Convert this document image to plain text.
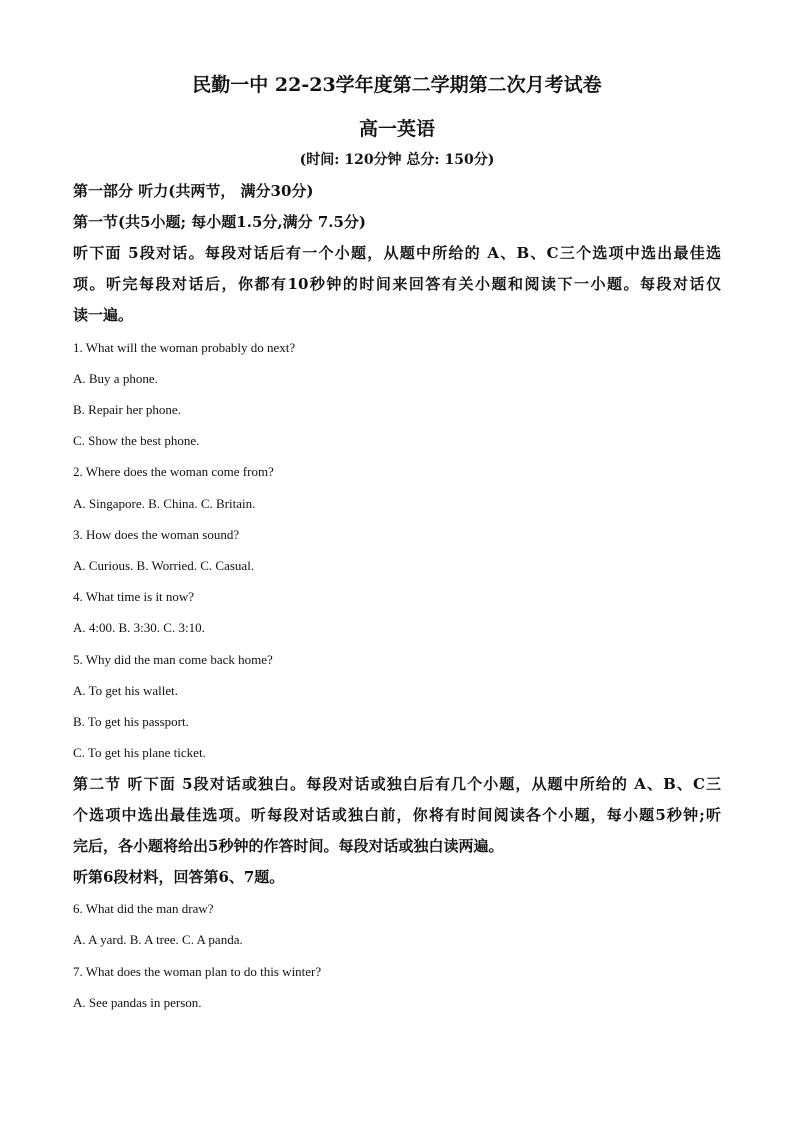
民勤一中 22-23学年度第二学期第二次月考试卷
高一英语
(时间: 120分钟 总分: 150分)
第一部分 听力(共两节， 满分30分)
第一节(共5小题; 每小题1.5分,满分 7.5分)
听下面 5段对话。每段对话后有一个小题，从题中所给的 A、B、C三个选项中选出最佳选
项。听完每段对话后，你都有10秒钟的时间来回答有关小题和阅读下一小题。每段对话仅
读一遍。
1. What will the woman probably do next?
A. Buy a phone.
B. Repair her phone.
C. Show the best phone.
2. Where does the woman come from?
A. Singapore. B. China. C. Britain.
3. How does the woman sound?
A. Curious. B. Worried. C. Casual.
4. What time is it now?
A. 4:00. B. 3:30. C. 3:10.
5. Why did the man come back home?
A. To get his wallet.
B. To get his passport.
C. To get his plane ticket.
第二节 听下面 5段对话或独白。每段对话或独白后有几个小题，从题中所给的 A、B、C三
个选项中选出最佳选项。听每段对话或独白前，你将有时间阅读各个小题，每小题5秒钟;听
完后，各小题将给出5秒钟的作答时间。每段对话或独白读两遍。
听第6段材料，回答第6、7题。
6. What did the man draw?
A. A yard. B. A tree. C. A panda.
7. What does the woman plan to do this winter?
A. See pandas in person.
